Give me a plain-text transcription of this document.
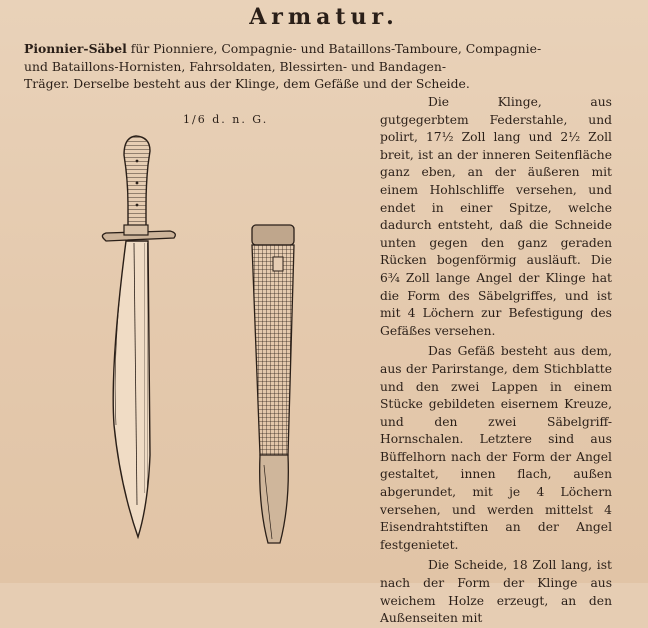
Armatur.
Pionnier-Säbel für Pionniere, Compagnie- und Bataillons-Tamboure, Compagnie-
und Bataillons-Hornisten, Fahrsoldaten, Blessirten- und Bandagen-
Träger. Derselbe besteht aus der Klinge, dem Gefäße und der Scheide.
1/6 d. n. G.

Die Klinge, aus gutgegerbtem Federstahle, und polirt, 17½ Zoll lang und 2½ Zoll breit, ist an der inneren Seitenfläche ganz eben, an der äußeren mit einem Hohlschliffe versehen, und endet in einer Spitze, welche dadurch entsteht, daß die Schneide unten gegen den ganz geraden Rücken bogenförmig ausläuft. Die 6¾ Zoll lange Angel der Klinge hat die Form des Säbelgriffes, und ist mit 4 Löchern zur Befestigung des Gefäßes versehen.

Das Gefäß besteht aus dem, aus der Parirstange, dem Stichblatte und den zwei Lappen in einem Stücke gebildeten eisernem Kreuze, und den zwei Säbelgriff-Hornschalen. Letztere sind aus Büffelhorn nach der Form der Angel gestaltet, innen flach, außen abgerundet, mit je 4 Löchern versehen, und werden mittelst 4 Eisendrahtstiften an der Angel festgenietet.

Die Scheide, 18 Zoll lang, ist nach der Form der Klinge aus weichem Holze erzeugt, an den Außenseiten mit
